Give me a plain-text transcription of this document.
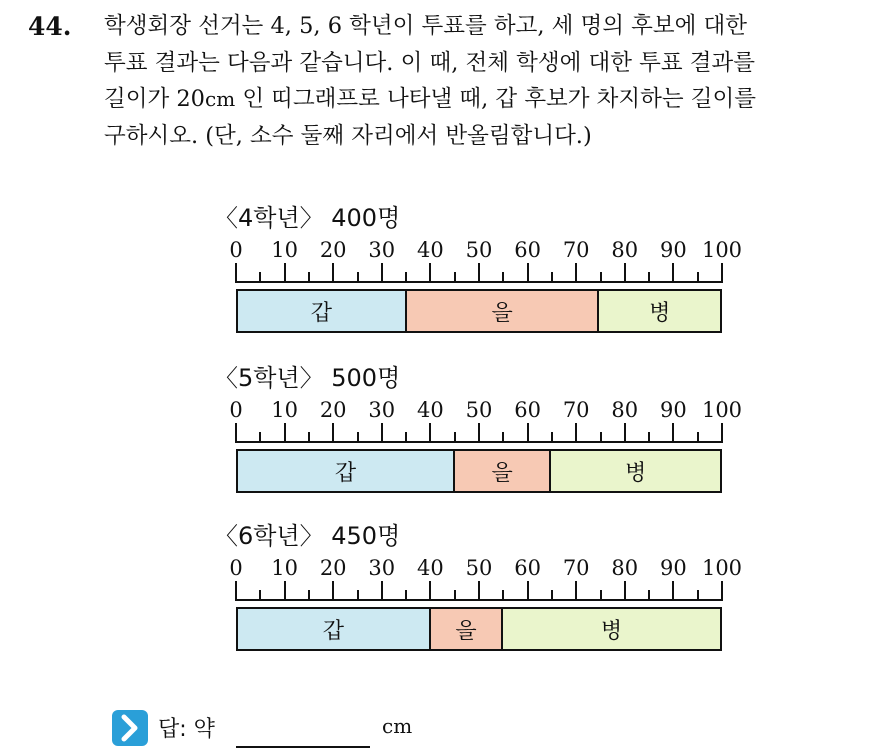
44. 학생회장 선거는 4, 5, 6 학년이 투표를 하고, 세 명의 후보에 대한
투표 결과는 다음과 같습니다. 이 때, 전체 학생에 대한 투표 결과를
길이가 20cm 인 띠그래프로 나타낼 때, 갑 후보가 차지하는 길이를
구하시오. (단, 소수 둘째 자리에서 반올림합니다.)
〈4학년〉 400명
0 10 20 30 40 50 60 70 80 90 100
갑	을	병
〈5학년〉 500명
0 10 20 30 40 50 60 70 80 90 100
갑	을	병
〈6학년〉 450명
0 10 20 30 40 50 60 70 80 90 100
갑	을	병
답: 약	cm
